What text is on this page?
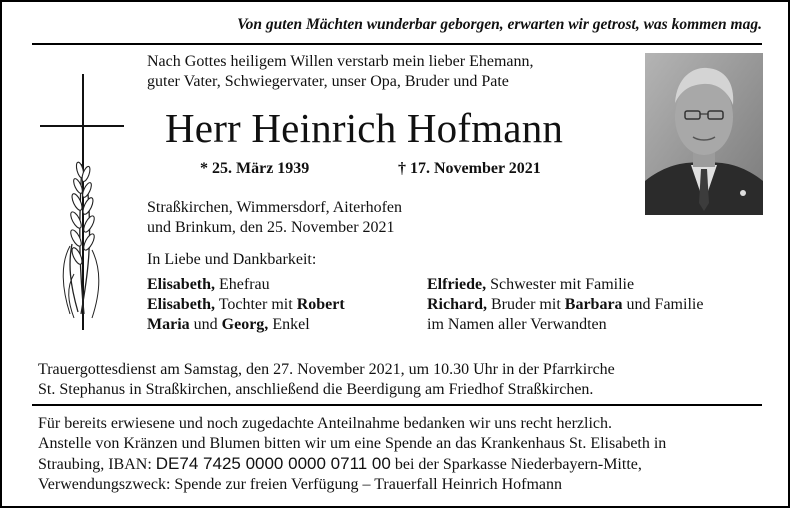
Von guten Mächten wunderbar geborgen, erwarten wir getrost, was kommen mag.
Nach Gottes heiligem Willen verstarb mein lieber Ehemann,
guter Vater, Schwiegervater, unser Opa, Bruder und Pate
Herr Heinrich Hofmann
* 25. März 1939	† 17. November 2021
Straßkirchen, Wimmersdorf, Aiterhofen
und Brinkum, den 25. November 2021
In Liebe und Dankbarkeit:
Elisabeth, Ehefrau
Elisabeth, Tochter mit Robert
Maria und Georg, Enkel
Elfriede, Schwester mit Familie
Richard, Bruder mit Barbara und Familie
im Namen aller Verwandten
Trauergottesdienst am Samstag, den 27. November 2021, um 10.30 Uhr in der Pfarrkirche
St. Stephanus in Straßkirchen, anschließend die Beerdigung am Friedhof Straßkirchen.
Für bereits erwiesene und noch zugedachte Anteilnahme bedanken wir uns recht herzlich.
Anstelle von Kränzen und Blumen bitten wir um eine Spende an das Krankenhaus St. Elisabeth in
Straubing, IBAN: DE74 7425 0000 0000 0711 00 bei der Sparkasse Niederbayern-Mitte,
Verwendungszweck: Spende zur freien Verfügung – Trauerfall Heinrich Hofmann
